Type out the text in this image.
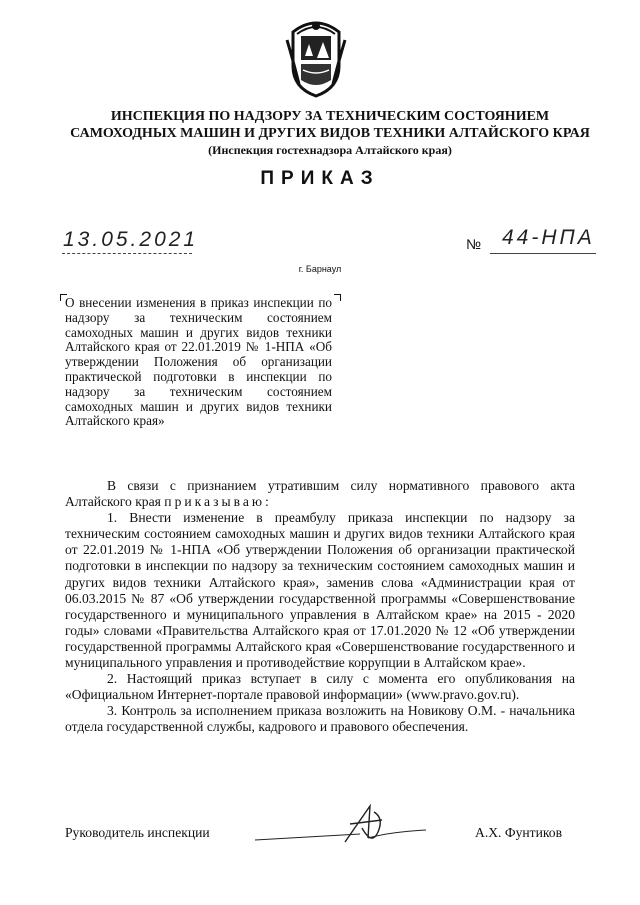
ИНСПЕКЦИЯ ПО НАДЗОРУ ЗА ТЕХНИЧЕСКИМ СОСТОЯНИЕМ
САМОХОДНЫХ МАШИН И ДРУГИХ ВИДОВ ТЕХНИКИ АЛТАЙСКОГО КРАЯ
(Инспекция гостехнадзора Алтайского края)
ПРИКАЗ
13.05.2021	№ 44-НПА
г. Барнаул
О внесении изменения в приказ инспекции по надзору за техническим состоянием самоходных машин и других видов техники Алтайского края от 22.01.2019 № 1-НПА «Об утверждении Положения об организации практической подготовки в инспекции по надзору за техническим состоянием самоходных машин и других видов техники Алтайского края»

В связи с признанием утратившим силу нормативного правового акта Алтайского края приказываю:

1. Внести изменение в преамбулу приказа инспекции по надзору за техническим состоянием самоходных машин и других видов техники Алтайского края от 22.01.2019 № 1-НПА «Об утверждении Положения об организации практической подготовки в инспекции по надзору за техническим состоянием самоходных машин и других видов техники Алтайского края», заменив слова «Администрации края от 06.03.2015 № 87 «Об утверждении государственной программы «Совершенствование государственного и муниципального управления в Алтайском крае» на 2015 - 2020 годы» словами «Правительства Алтайского края от 17.01.2020 № 12 «Об утверждении государственной программы Алтайского края «Совершенствование государственного и муниципального управления и противодействие коррупции в Алтайском крае».

2. Настоящий приказ вступает в силу с момента его опубликования на «Официальном Интернет-портале правовой информации» (www.pravo.gov.ru).

3. Контроль за исполнением приказа возложить на Новикову О.М. - начальника отдела государственной службы, кадрового и правового обеспечения.

Руководитель инспекции	А.Х. Фунтиков
